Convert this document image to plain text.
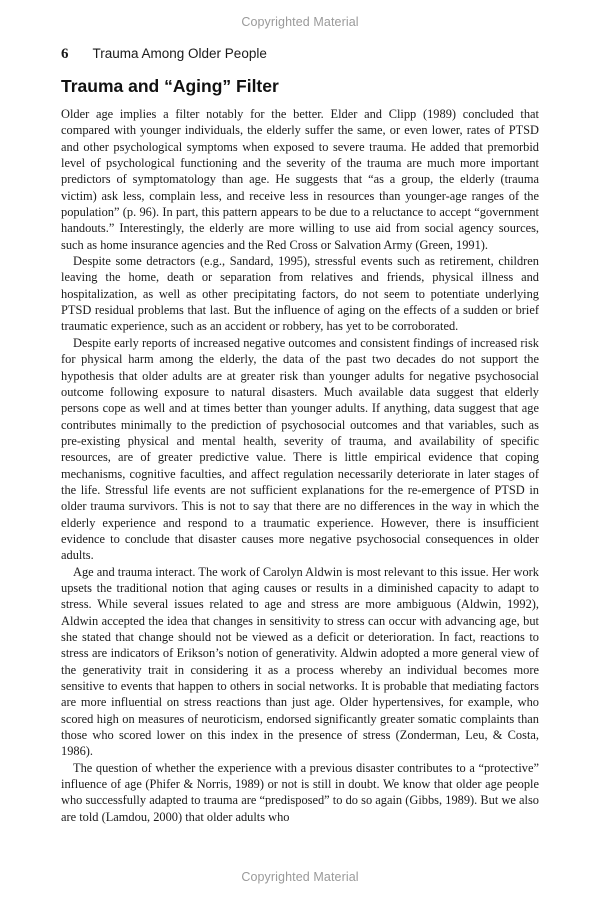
Copyrighted Material
6 Trauma Among Older People
Trauma and “Aging” Filter

Older age implies a filter notably for the better. Elder and Clipp (1989) concluded that compared with younger individuals, the elderly suffer the same, or even lower, rates of PTSD and other psychological symptoms when exposed to severe trauma. He added that premorbid level of psychological functioning and the severity of the trauma are much more important predictors of symptomatology than age. He suggests that “as a group, the elderly (trauma victim) ask less, complain less, and receive less in resources than younger-age ranges of the population” (p. 96). In part, this pattern appears to be due to a reluctance to accept “government handouts.” Interestingly, the elderly are more willing to use aid from social agency sources, such as home insurance agencies and the Red Cross or Salvation Army (Green, 1991).

Despite some detractors (e.g., Sandard, 1995), stressful events such as retirement, children leaving the home, death or separation from relatives and friends, physical illness and hospitalization, as well as other precipitating factors, do not seem to potentiate underlying PTSD residual problems that last. But the influence of aging on the effects of a sudden or brief traumatic experience, such as an accident or robbery, has yet to be corroborated.

Despite early reports of increased negative outcomes and consistent findings of increased risk for physical harm among the elderly, the data of the past two decades do not support the hypothesis that older adults are at greater risk than younger adults for negative psychosocial outcome following exposure to natural disasters. Much available data suggest that elderly persons cope as well and at times better than younger adults. If anything, data suggest that age contributes minimally to the prediction of psychosocial outcomes and that variables, such as pre-existing physical and mental health, severity of trauma, and availability of specific resources, are of greater predictive value. There is little empirical evidence that coping mechanisms, cognitive faculties, and affect regulation necessarily deteriorate in later stages of the life. Stressful life events are not sufficient explanations for the re-emergence of PTSD in older trauma survivors. This is not to say that there are no differences in the way in which the elderly experience and respond to a traumatic experience. However, there is insufficient evidence to conclude that disaster causes more negative psychosocial consequences in older adults.

Age and trauma interact. The work of Carolyn Aldwin is most relevant to this issue. Her work upsets the traditional notion that aging causes or results in a diminished capacity to adapt to stress. While several issues related to age and stress are more ambiguous (Aldwin, 1992), Aldwin accepted the idea that changes in sensitivity to stress can occur with advancing age, but she stated that change should not be viewed as a deficit or deterioration. In fact, reactions to stress are indicators of Erikson’s notion of generativity. Aldwin adopted a more general view of the generativity trait in considering it as a process whereby an individual becomes more sensitive to events that happen to others in social networks. It is probable that mediating factors are more influential on stress reactions than just age. Older hypertensives, for example, who scored high on measures of neuroticism, endorsed significantly greater somatic complaints than those who scored lower on this index in the presence of stress (Zonderman, Leu, & Costa, 1986).

The question of whether the experience with a previous disaster contributes to a “protective” influence of age (Phifer & Norris, 1989) or not is still in doubt. We know that older age people who successfully adapted to trauma are “predisposed” to do so again (Gibbs, 1989). But we also are told (Lamdou, 2000) that older adults who

Copyrighted Material
